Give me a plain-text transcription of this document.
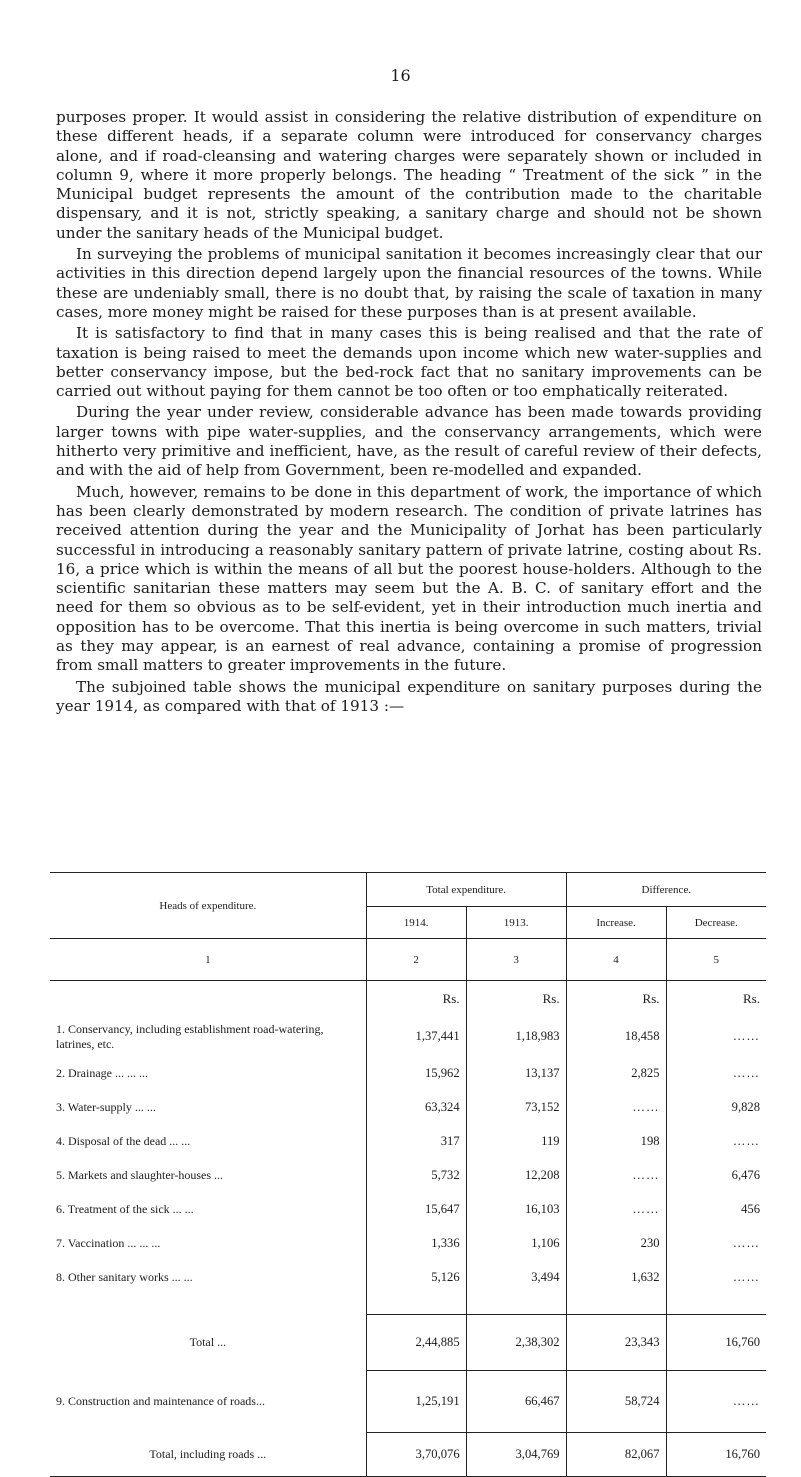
16

purposes proper. It would assist in considering the relative distribution of expenditure on these different heads, if a separate column were introduced for conservancy charges alone, and if road-cleansing and watering charges were separately shown or included in column 9, where it more properly belongs. The heading “ Treatment of the sick ” in the Municipal budget represents the amount of the contribution made to the charitable dispensary, and it is not, strictly speaking, a sanitary charge and should not be shown under the sanitary heads of the Municipal budget.

In surveying the problems of municipal sanitation it becomes increasingly clear that our activities in this direction depend largely upon the financial resources of the towns. While these are undeniably small, there is no doubt that, by raising the scale of taxation in many cases, more money might be raised for these purposes than is at present available.

It is satisfactory to find that in many cases this is being realised and that the rate of taxation is being raised to meet the demands upon income which new water-supplies and better conservancy impose, but the bed-rock fact that no sanitary improvements can be carried out without paying for them cannot be too often or too emphatically reiterated.

During the year under review, considerable advance has been made towards providing larger towns with pipe water-supplies, and the conservancy arrangements, which were hitherto very primitive and inefficient, have, as the result of careful review of their defects, and with the aid of help from Government, been re-modelled and expanded.

Much, however, remains to be done in this department of work, the importance of which has been clearly demonstrated by modern research. The condition of private latrines has received attention during the year and the Municipality of Jorhat has been particularly successful in introducing a reasonably sanitary pattern of private latrine, costing about Rs. 16, a price which is within the means of all but the poorest house-holders. Although to the scientific sanitarian these matters may seem but the A. B. C. of sanitary effort and the need for them so obvious as to be self-evident, yet in their introduction much inertia and opposition has to be overcome. That this inertia is being overcome in such matters, trivial as they may appear, is an earnest of real advance, containing a promise of progression from small matters to greater improvements in the future.

The subjoined table shows the municipal expenditure on sanitary purposes during the year 1914, as compared with that of 1913 :—

Heads of expenditure.	Total expenditure.		Difference.	
	1914.	1913.	Increase.	Decrease.
1	2	3	4	5
	Rs.	Rs.	Rs.	Rs.
1. Conservancy, including establishment road-watering, latrines, etc.	1,37,441	1,18,983	18,458	……
2. Drainage ... ... ...	15,962	13,137	2,825	……
3. Water-supply ... ...	63,324	73,152	……	9,828
4. Disposal of the dead ... ...	317	119	198	……
5. Markets and slaughter-houses ...	5,732	12,208	……	6,476
6. Treatment of the sick ... ...	15,647	16,103	……	456
7. Vaccination ... ... ...	1,336	1,106	230	……
8. Other sanitary works ... ...	5,126	3,494	1,632	……

Total ...	2,44,885	2,38,302	23,343	16,760
9. Construction and maintenance of roads...	1,25,191	66,467	58,724	……
Total, including roads ...	3,70,076	3,04,769	82,067	16,760
